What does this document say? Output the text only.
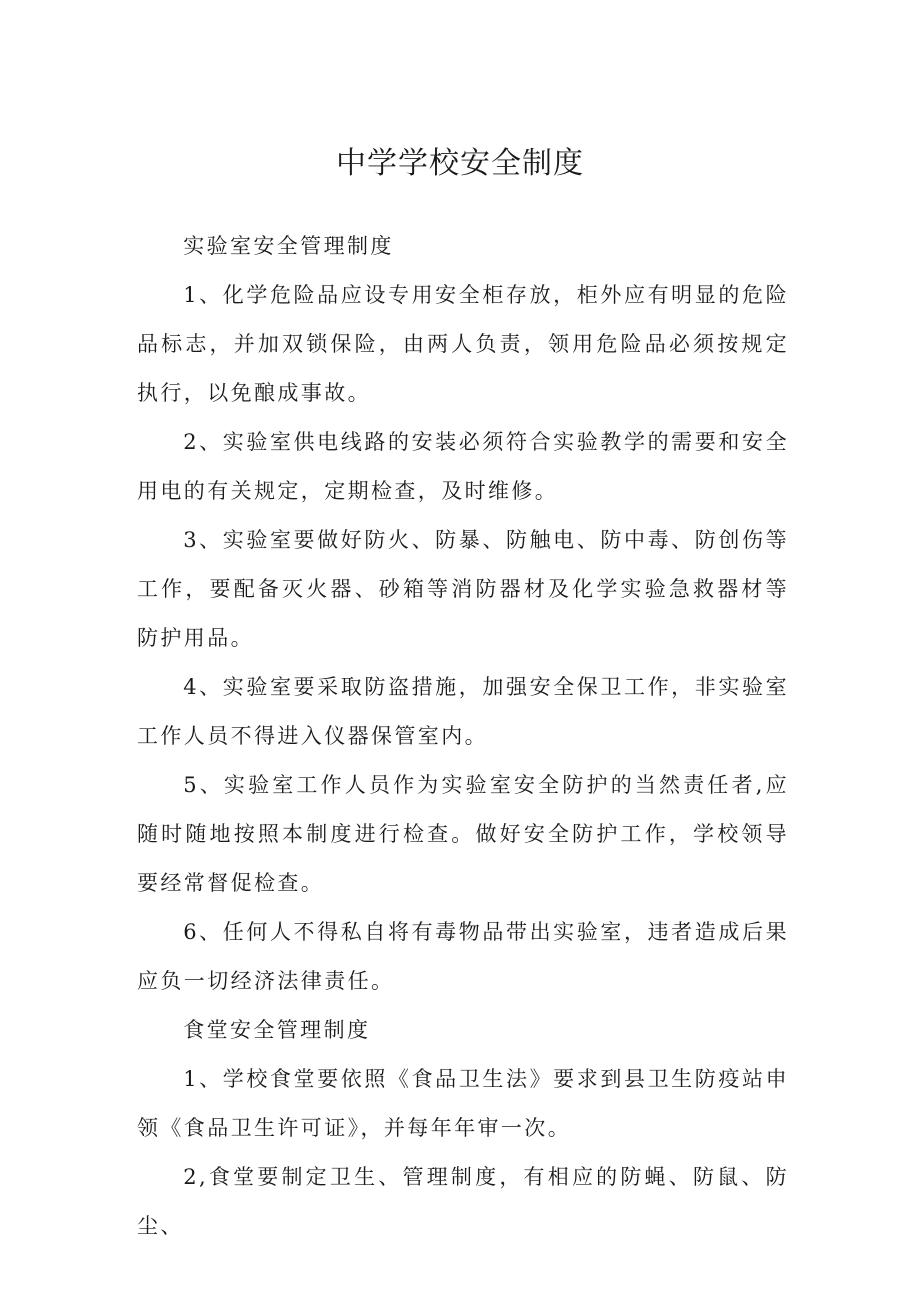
中学学校安全制度

实验室安全管理制度

1、化学危险品应设专用安全柜存放，柜外应有明显的危险品标志，并加双锁保险，由两人负责，领用危险品必须按规定执行，以免酿成事故。

2、实验室供电线路的安装必须符合实验教学的需要和安全用电的有关规定，定期检查，及时维修。

3、实验室要做好防火、防暴、防触电、防中毒、防创伤等工作，要配备灭火器、砂箱等消防器材及化学实验急救器材等防护用品。

4、实验室要采取防盗措施，加强安全保卫工作，非实验室工作人员不得进入仪器保管室内。

5、实验室工作人员作为实验室安全防护的当然责任者,应随时随地按照本制度进行检查。做好安全防护工作，学校领导要经常督促检查。

6、任何人不得私自将有毒物品带出实验室，违者造成后果应负一切经济法律责任。

食堂安全管理制度

1、学校食堂要依照《食品卫生法》要求到县卫生防疫站申领《食品卫生许可证》，并每年年审一次。

2,食堂要制定卫生、管理制度，有相应的防蝇、防鼠、防尘、
